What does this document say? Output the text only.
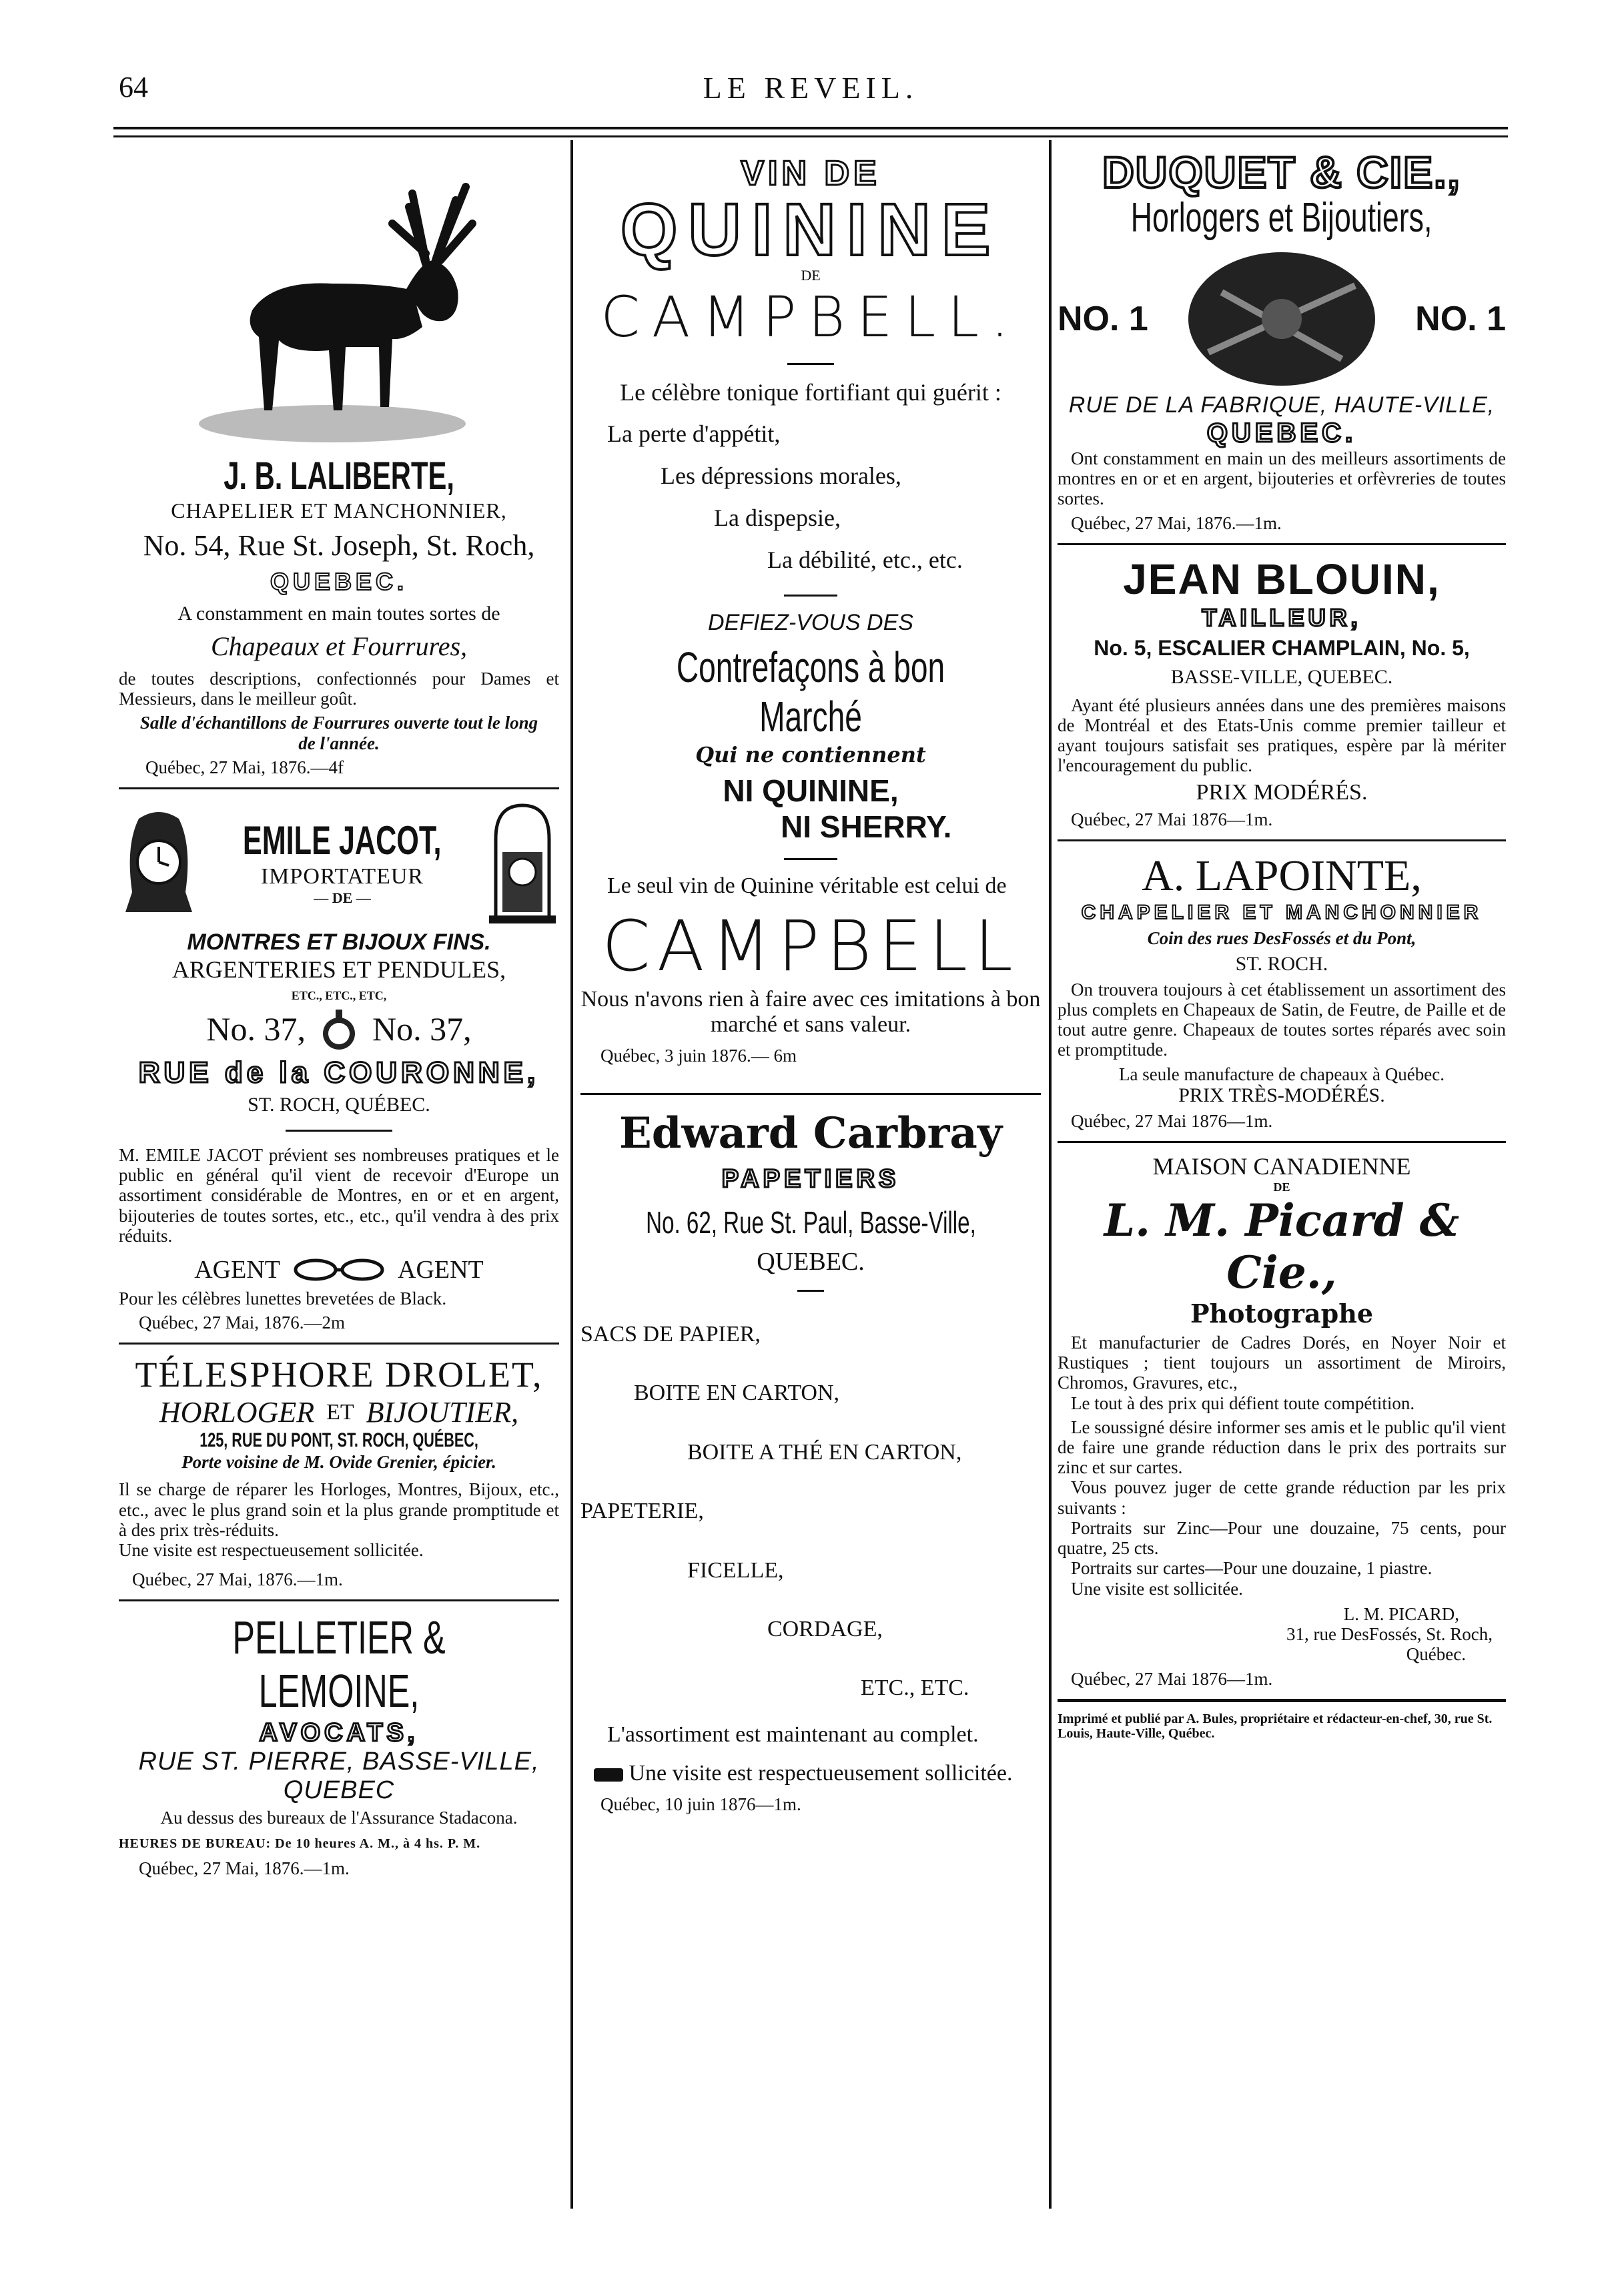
64	LE REVEIL.
J. B. LALIBERTE,
CHAPELIER ET MANCHONNIER,
No. 54, Rue St. Joseph, St. Roch,
QUEBEC.
A constamment en main toutes sortes de
Chapeaux et Fourrures,
de toutes descriptions, confectionnés pour Dames et Messieurs, dans le meilleur goût.
Salle d'échantillons de Fourrures ouverte tout le long de l'année.
Québec, 27 Mai, 1876.—4f
EMILE JACOT,
IMPORTATEUR
— DE —
MONTRES ET BIJOUX FINS.
ARGENTERIES ET PENDULES,
ETC., ETC., ETC,
No. 37, No. 37,
RUE de la COURONNE,
ST. ROCH, QUÉBEC.
M. EMILE JACOT prévient ses nombreuses pratiques et le public en général qu'il vient de recevoir d'Europe un assortiment considérable de Montres, en or et en argent, bijouteries de toutes sortes, etc., etc., qu'il vendra à des prix réduits.
AGENT	AGENT
Pour les célèbres lunettes brevetées de Black.
Québec, 27 Mai, 1876.—2m
TÉLESPHORE DROLET,
HORLOGER ET BIJOUTIER,
125, RUE DU PONT, ST. ROCH, QUÉBEC,
Porte voisine de M. Ovide Grenier, épicier.
Il se charge de réparer les Horloges, Montres, Bijoux, etc., etc., avec le plus grand soin et la plus grande promptitude et à des prix très-réduits.
Une visite est respectueusement sollicitée.
Québec, 27 Mai, 1876.—1m.
PELLETIER & LEMOINE,
AVOCATS,
RUE ST. PIERRE, BASSE-VILLE, QUEBEC
Au dessus des bureaux de l'Assurance Stadacona.
HEURES DE BUREAU: De 10 heures A. M., à 4 hs. P. M.
Québec, 27 Mai, 1876.—1m.
VIN DE
QUININE
DE
CAMPBELL.
Le célèbre tonique fortifiant qui guérit :
La perte d'appétit,
Les dépressions morales,
La dispepsie,
La débilité, etc., etc.
DEFIEZ-VOUS DES
Contrefaçons à bon Marché
Qui ne contiennent
NI QUININE,
NI SHERRY.
Le seul vin de Quinine véritable est celui de
CAMPBELL
Nous n'avons rien à faire avec ces imitations à bon marché et sans valeur.
Québec, 3 juin 1876.— 6m
Edward Carbray
PAPETIERS
No. 62, Rue St. Paul, Basse-Ville,
QUEBEC.
SACS DE PAPIER,
BOITE EN CARTON,
BOITE A THÉ EN CARTON,
PAPETERIE,
FICELLE,
CORDAGE,
ETC., ETC.
L'assortiment est maintenant au complet.
Une visite est respectueusement sollicitée.
Québec, 10 juin 1876—1m.
DUQUET & CIE.,
Horlogers et Bijoutiers,
NO. 1	NO. 1
RUE DE LA FABRIQUE, HAUTE-VILLE,
QUEBEC.
Ont constamment en main un des meilleurs assortiments de montres en or et en argent, bijouteries et orfèvreries de toutes sortes.
Québec, 27 Mai, 1876.—1m.
JEAN BLOUIN,
TAILLEUR,
No. 5, ESCALIER CHAMPLAIN, No. 5,
BASSE-VILLE, QUEBEC.
Ayant été plusieurs années dans une des premières maisons de Montréal et des Etats-Unis comme premier tailleur et ayant toujours satisfait ses pratiques, espère par là mériter l'encouragement du public.
PRIX MODÉRÉS.
Québec, 27 Mai 1876—1m.
A. LAPOINTE,
CHAPELIER ET MANCHONNIER
Coin des rues DesFossés et du Pont,
ST. ROCH.
On trouvera toujours à cet établissement un assortiment des plus complets en Chapeaux de Satin, de Feutre, de Paille et de tout autre genre. Chapeaux de toutes sortes réparés avec soin et promptitude.
La seule manufacture de chapeaux à Québec.
PRIX TRÈS-MODÉRÉS.
Québec, 27 Mai 1876—1m.
MAISON CANADIENNE
DE
L. M. Picard & Cie.,
Photographe
Et manufacturier de Cadres Dorés, en Noyer Noir et Rustiques ; tient toujours un assortiment de Miroirs, Chromos, Gravures, etc.,
Le tout à des prix qui défient toute compétition.
Le soussigné désire informer ses amis et le public qu'il vient de faire une grande réduction dans le prix des portraits sur zinc et sur cartes.
Vous pouvez juger de cette grande réduction par les prix suivants :
Portraits sur Zinc—Pour une douzaine, 75 cents, pour quatre, 25 cts.
Portraits sur cartes—Pour une douzaine, 1 piastre.
Une visite est sollicitée.
L. M. PICARD,
31, rue DesFossés, St. Roch,
Québec.
Québec, 27 Mai 1876—1m.
Imprimé et publié par A. Bules, propriétaire et rédacteur-en-chef, 30, rue St. Louis, Haute-Ville, Québec.
